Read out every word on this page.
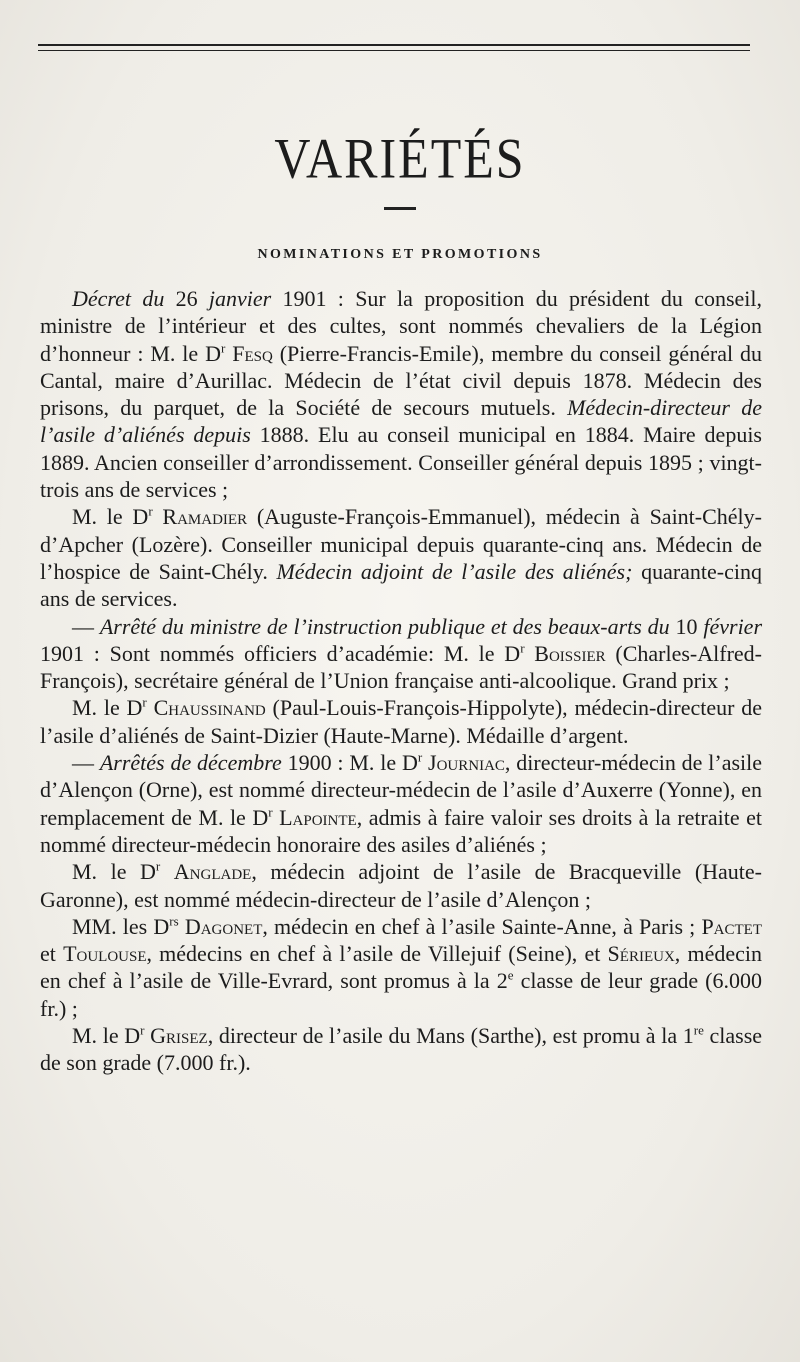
VARIÉTÉS
NOMINATIONS ET PROMOTIONS

Décret du 26 janvier 1901 : Sur la proposition du président du conseil, ministre de l’intérieur et des cultes, sont nommés chevaliers de la Légion d’honneur : M. le $D^r$ Fesq (Pierre-Francis-Emile), membre du conseil général du Cantal, maire d’Aurillac. Médecin de l’état civil depuis 1878. Médecin des prisons, du parquet, de la Société de secours mutuels. Médecin-directeur de l’asile d’aliénés depuis 1888. Elu au conseil municipal en 1884. Maire depuis 1889. Ancien conseiller d’arrondissement. Conseiller général depuis 1895 ; vingt-trois ans de services ;

M. le $D^r$ Ramadier (Auguste-François-Emmanuel), médecin à Saint-Chély-d’Apcher (Lozère). Conseiller municipal depuis quarante-cinq ans. Médecin de l’hospice de Saint-Chély. Médecin adjoint de l’asile des aliénés; quarante-cinq ans de services.

— Arrêté du ministre de l’instruction publique et des beaux-arts du 10 février 1901 : Sont nommés officiers d’académie: M. le $D^r$ Boissier (Charles-Alfred-François), secrétaire général de l’Union française anti-alcoolique. Grand prix ;

M. le $D^r$ Chaussinand (Paul-Louis-François-Hippolyte), médecin-directeur de l’asile d’aliénés de Saint-Dizier (Haute-Marne). Médaille d’argent.

— Arrêtés de décembre 1900 : M. le $D^r$ Journiac, directeur-médecin de l’asile d’Alençon (Orne), est nommé directeur-médecin de l’asile d’Auxerre (Yonne), en remplacement de M. le $D^r$ Lapointe, admis à faire valoir ses droits à la retraite et nommé directeur-médecin honoraire des asiles d’aliénés ;

M. le $D^r$ Anglade, médecin adjoint de l’asile de Bracqueville (Haute-Garonne), est nommé médecin-directeur de l’asile d’Alençon ;

MM. les $D^{rs}$ Dagonet, médecin en chef à l’asile Sainte-Anne, à Paris ; Pactet et Toulouse, médecins en chef à l’asile de Villejuif (Seine), et Sérieux, médecin en chef à l’asile de Ville-Evrard, sont promus à la 2e classe de leur grade (6.000 fr.) ;

M. le $D^r$ Grisez, directeur de l’asile du Mans (Sarthe), est promu à la 1re classe de son grade (7.000 fr.).
